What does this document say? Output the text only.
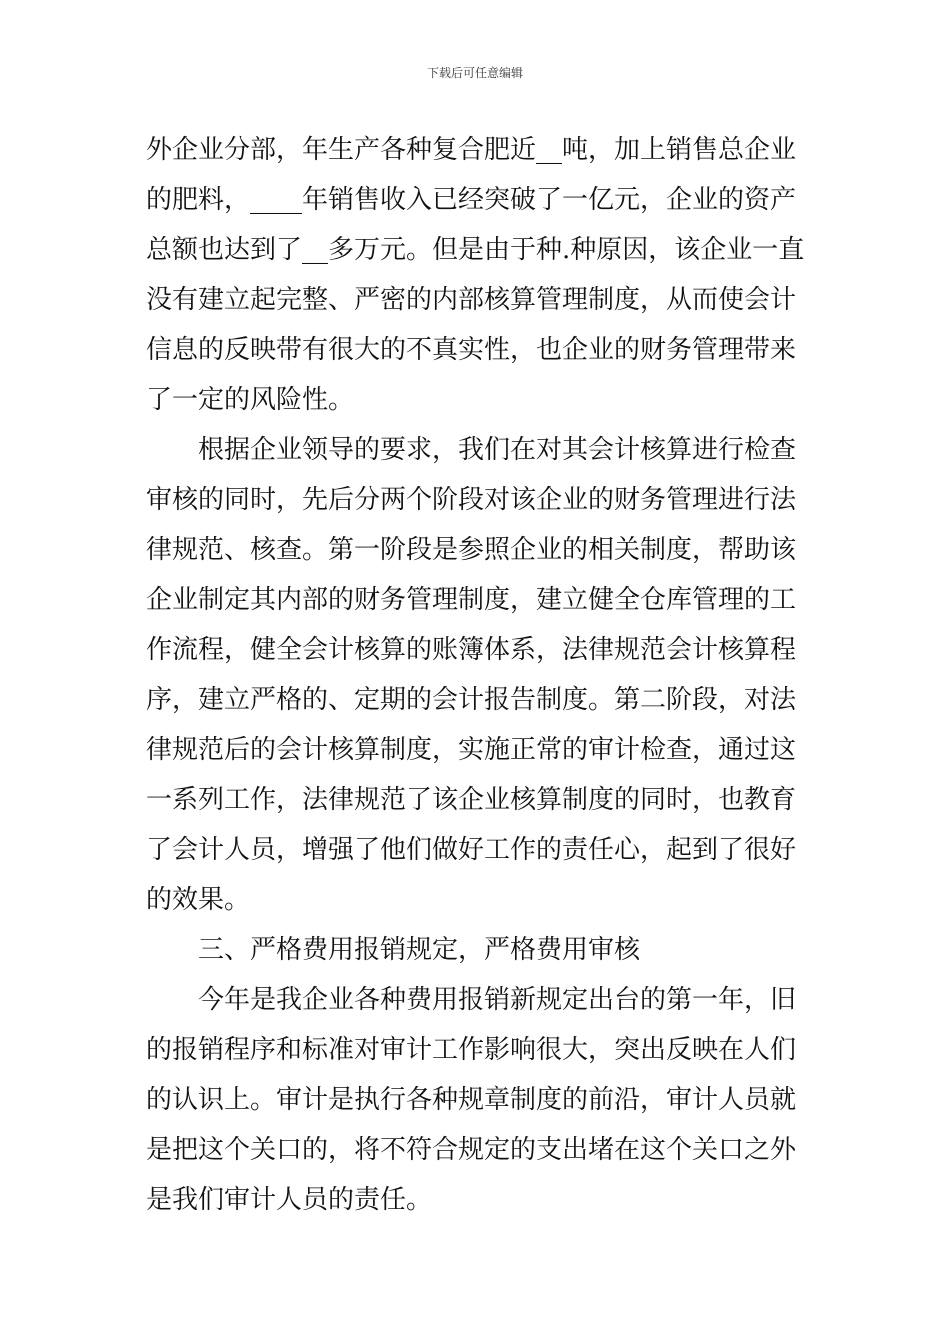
下载后可任意编辑
外企业分部，年生产各种复合肥近__吨，加上销售总企业
的肥料，____年销售收入已经突破了一亿元，企业的资产
总额也达到了__多万元。但是由于种.种原因，该企业一直
没有建立起完整、严密的内部核算管理制度，从而使会计
信息的反映带有很大的不真实性，也企业的财务管理带来
了一定的风险性。
根据企业领导的要求，我们在对其会计核算进行检查
审核的同时，先后分两个阶段对该企业的财务管理进行法
律规范、核查。第一阶段是参照企业的相关制度，帮助该
企业制定其内部的财务管理制度，建立健全仓库管理的工
作流程，健全会计核算的账簿体系，法律规范会计核算程
序，建立严格的、定期的会计报告制度。第二阶段，对法
律规范后的会计核算制度，实施正常的审计检查，通过这
一系列工作，法律规范了该企业核算制度的同时，也教育
了会计人员，增强了他们做好工作的责任心，起到了很好
的效果。
三、严格费用报销规定，严格费用审核
今年是我企业各种费用报销新规定出台的第一年，旧
的报销程序和标准对审计工作影响很大，突出反映在人们
的认识上。审计是执行各种规章制度的前沿，审计人员就
是把这个关口的，将不符合规定的支出堵在这个关口之外
是我们审计人员的责任。
